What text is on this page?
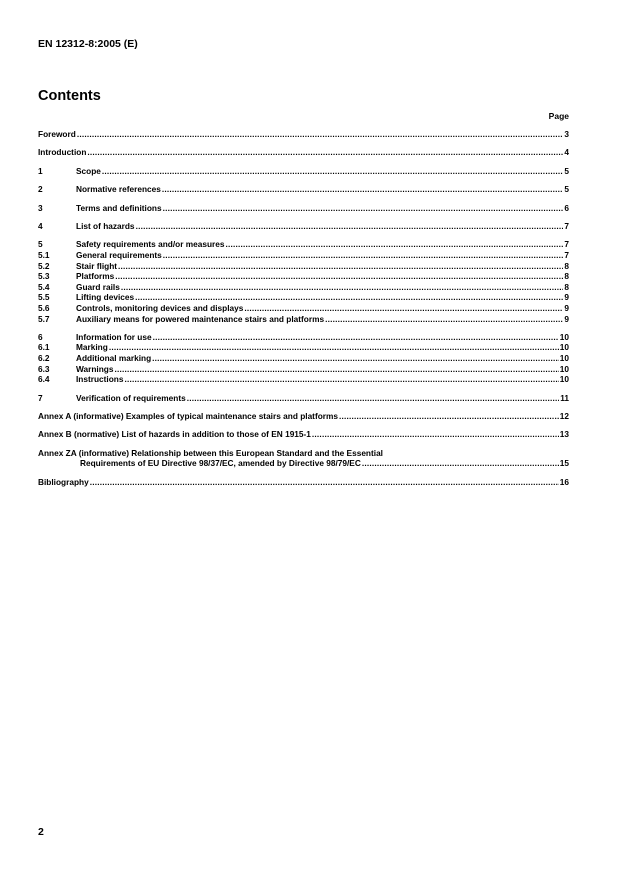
EN 12312-8:2005 (E)
Contents
Page
Foreword .....	3
Introduction .....	4
1	Scope .....	5
2	Normative references .....	5
3	Terms and definitions .....	6
4	List of hazards .....	7
5	Safety requirements and/or measures .....	7
5.1	General requirements .....	7
5.2	Stair flight .....	8
5.3	Platforms .....	8
5.4	Guard rails .....	8
5.5	Lifting devices .....	9
5.6	Controls, monitoring devices and displays .....	9
5.7	Auxiliary means for powered maintenance stairs and platforms .....	9
6	Information for use .....	10
6.1	Marking .....	10
6.2	Additional marking .....	10
6.3	Warnings .....	10
6.4	Instructions .....	10
7	Verification of requirements .....	11
Annex A (informative) Examples of typical maintenance stairs and platforms .....	12
Annex B (normative) List of hazards in addition to those of EN 1915-1 .....	13
Annex ZA (informative) Relationship between this European Standard and the Essential
Requirements of EU Directive 98/37/EC, amended by Directive 98/79/EC .....	15
Bibliography .....	16
2
